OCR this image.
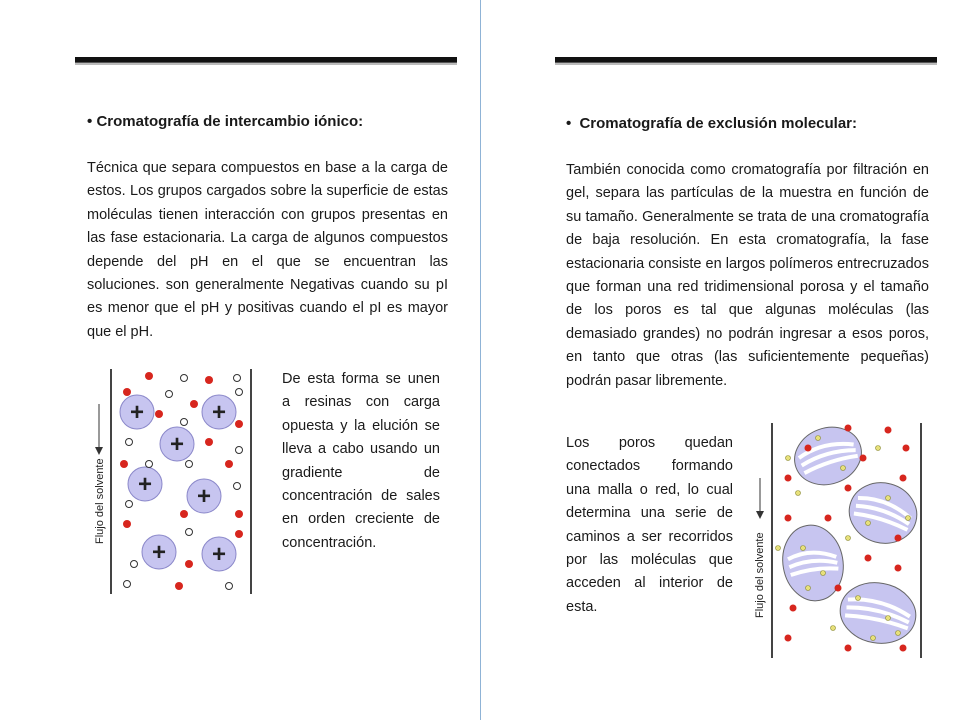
• Cromatografía de intercambio iónico:
Técnica que separa compuestos en base a la carga de estos. Los grupos cargados sobre la superficie de estas moléculas tienen interacción con grupos presentas en las fase estacionaria. La carga de algunos compuestos depende del pH en el que se encuentran las soluciones. son generalmente Negativas cuando su pI es menor que el pH y positivas cuando el pI es mayor que el pH.
Flujo del solvente
+	+
+
+ +
+ +
De esta forma se unen a resinas con carga opuesta y la elución se lleva a cabo usando un gradiente de concentración de sales en orden creciente de concentración.
• Cromatografía de exclusión molecular:
También conocida como cromatografía por filtración en gel, separa las partículas de la muestra en función de su tamaño. Generalmente se trata de una cromatografía de baja resolución. En esta cromatografía, la fase estacionaria consiste en largos polímeros entrecruzados que forman una red tridimensional porosa y el tamaño de los poros es tal que algunas moléculas (las demasiado grandes) no podrán ingresar a esos poros, en tanto que otras (las suficientemente pequeñas) podrán pasar libremente.
Los poros quedan conectados formando una malla o red, lo cual determina una serie de caminos a ser recorridos por las moléculas que acceden al interior de esta.	Flujo del solvente
